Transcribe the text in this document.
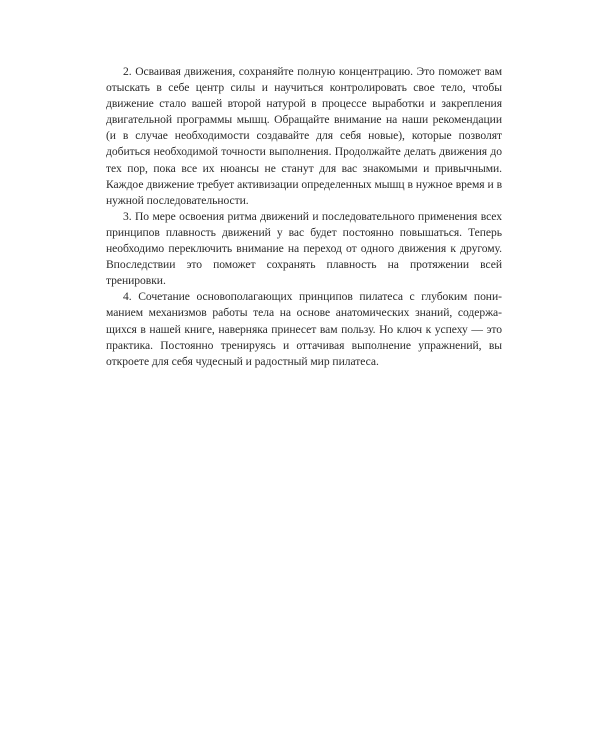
2. Осваивая движения, сохраняйте полную концентрацию. Это поможет вам отыскать в себе центр силы и научиться контролировать свое тело, чтобы движение стало вашей второй натурой в процессе выработки и закрепления двигательной программы мышц. Обращайте внимание на наши рекомендации (и в случае необходимости создавайте для себя новые), которые позволят добиться необходимой точности выполнения. Продолжайте делать движения до тех пор, пока все их нюансы не станут для вас знакомыми и привычными. Каждое движение требует активизации определенных мышц в нужное время и в нужной последовательности.

3. По мере освоения ритма движений и последовательного применения всех принципов плавность движений у вас будет постоянно повышаться. Теперь необходимо переключить внимание на переход от одного движения к другому. Впоследствии это поможет сохранять плавность на протяжении всей тренировки.

4. Сочетание основополагающих принципов пилатеса с глубоким пониманием механизмов работы тела на основе анатомических знаний, содержащихся в нашей книге, наверняка принесет вам пользу. Но ключ к успеху — это практика. Постоянно тренируясь и оттачивая выполнение упражнений, вы откроете для себя чудесный и радостный мир пилатеса.
